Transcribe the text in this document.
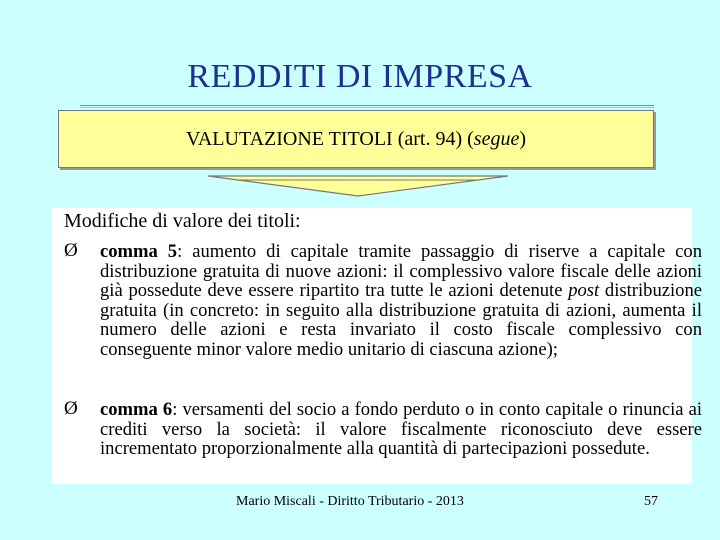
REDDITI DI IMPRESA
VALUTAZIONE TITOLI (art. 94) (segue)
Modifiche di valore dei titoli:
Ø comma 5: aumento di capitale tramite passaggio di riserve a capitale con distribuzione gratuita di nuove azioni: il complessivo valore fiscale delle azioni già possedute deve essere ripartito tra tutte le azioni detenute post distribuzione gratuita (in concreto: in seguito alla distribuzione gratuita di azioni, aumenta il numero delle azioni e resta invariato il costo fiscale complessivo con conseguente minor valore medio unitario di ciascuna azione);
Ø comma 6: versamenti del socio a fondo perduto o in conto capitale o rinuncia ai crediti verso la società: il valore fiscalmente riconosciuto deve essere incrementato proporzionalmente alla quantità di partecipazioni possedute.
Mario Miscali - Diritto Tributario - 2013	57
